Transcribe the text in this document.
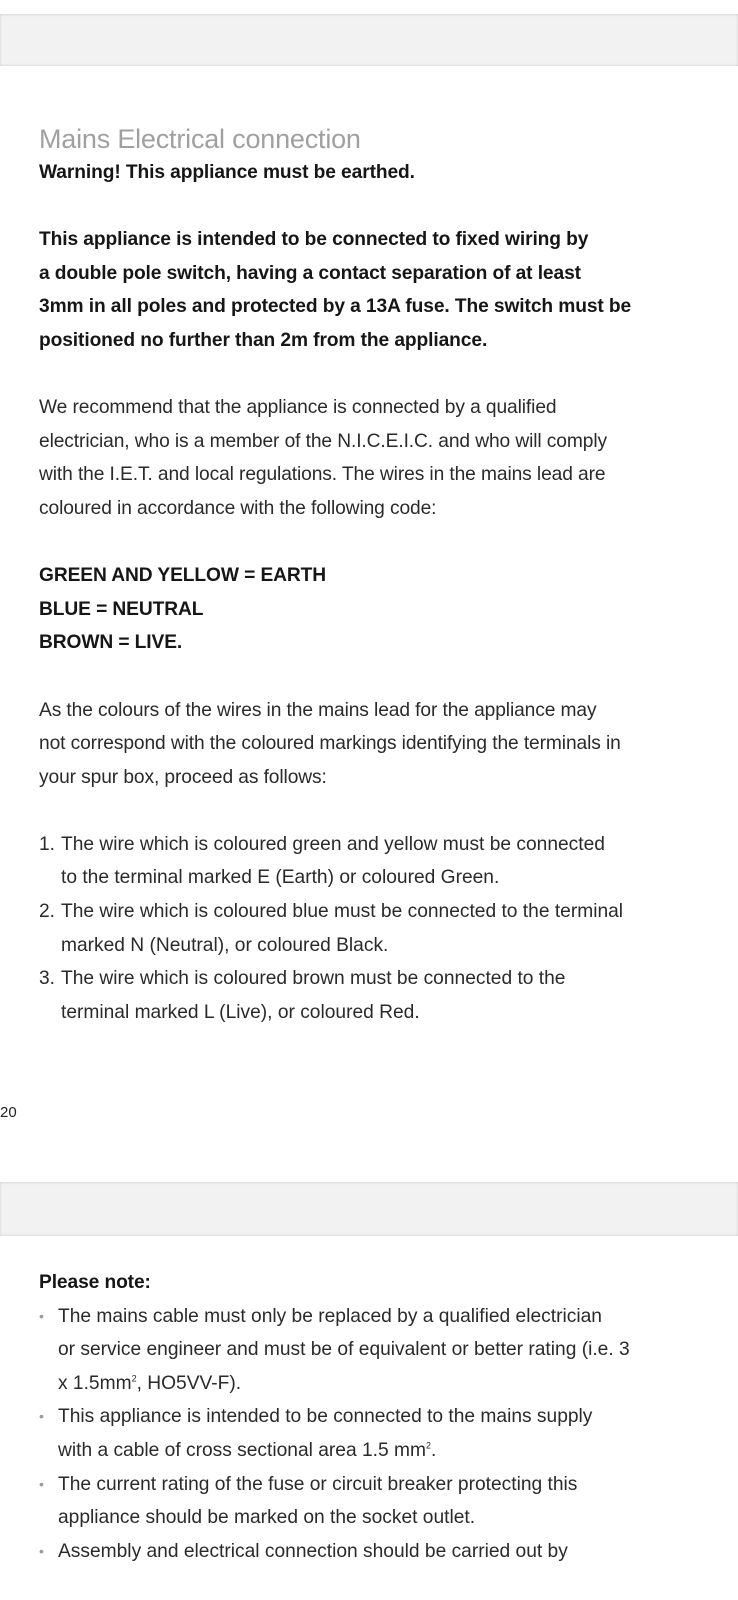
Mains Electrical connection

Warning! This appliance must be earthed.

This appliance is intended to be connected to fixed wiring by

a double pole switch, having a contact separation of at least

3mm in all poles and protected by a 13A fuse. The switch must be

positioned no further than 2m from the appliance.

We recommend that the appliance is connected by a qualified

electrician, who is a member of the N.I.C.E.I.C. and who will comply

with the I.E.T. and local regulations. The wires in the mains lead are

coloured in accordance with the following code:

GREEN AND YELLOW = EARTH

BLUE = NEUTRAL

BROWN = LIVE.

As the colours of the wires in the mains lead for the appliance may

not correspond with the coloured markings identifying the terminals in

your spur box, proceed as follows:

1. The wire which is coloured green and yellow must be connected
to the terminal marked E (Earth) or coloured Green.
2. The wire which is coloured blue must be connected to the terminal
marked N (Neutral), or coloured Black.
3. The wire which is coloured brown must be connected to the
terminal marked L (Live), or coloured Red.
20

Please note:

• The mains cable must only be replaced by a qualified electrician
or service engineer and must be of equivalent or better rating (i.e. 3
x $1.5mm^2$, HO5VV-F).
• This appliance is intended to be connected to the mains supply
with a cable of cross sectional area 1.5 $mm^2$.
• The current rating of the fuse or circuit breaker protecting this
appliance should be marked on the socket outlet.
• Assembly and electrical connection should be carried out by
